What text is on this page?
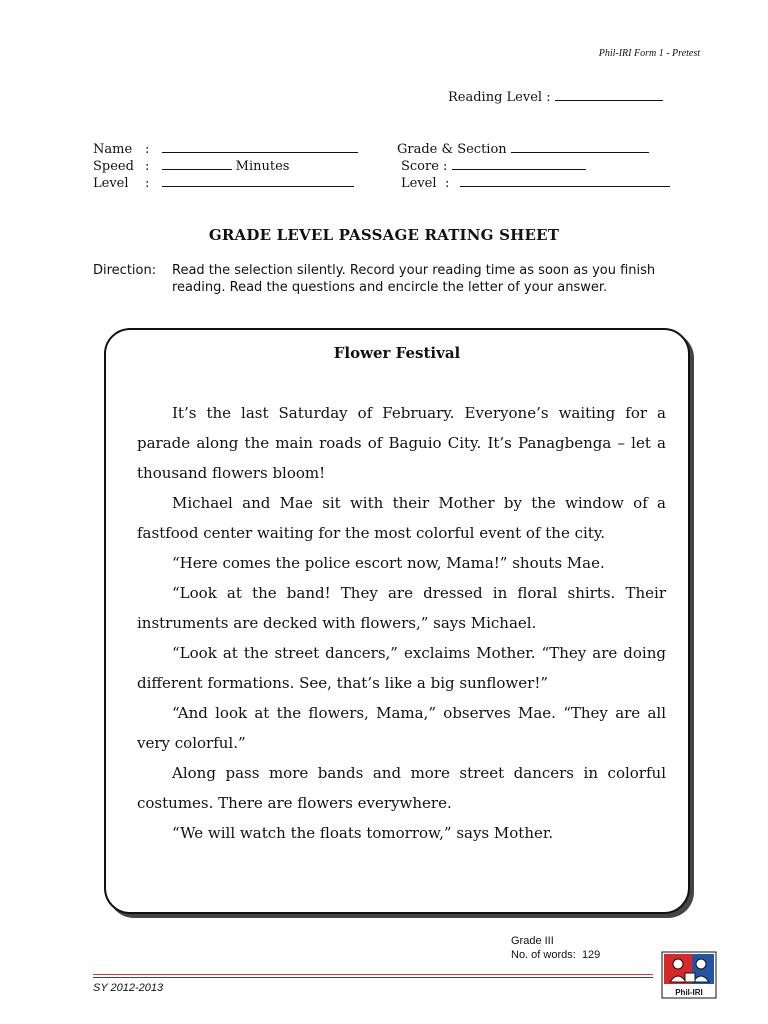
Phil-IRI Form 1 - Pretest
Reading Level :
Name :
Speed :	Minutes
Level :
Grade & Section
Score :
Level :
GRADE LEVEL PASSAGE RATING SHEET
Direction: Read the selection silently. Record your reading time as soon as you finish reading. Read the questions and encircle the letter of your answer.
Flower Festival

It’s the last Saturday of February. Everyone’s waiting for a parade along the main roads of Baguio City. It’s Panagbenga – let a thousand flowers bloom!

Michael and Mae sit with their Mother by the window of a fastfood center waiting for the most colorful event of the city.

“Here comes the police escort now, Mama!” shouts Mae.

“Look at the band! They are dressed in floral shirts. Their instruments are decked with flowers,” says Michael.

“Look at the street dancers,” exclaims Mother. “They are doing different formations. See, that’s like a big sunflower!”

“And look at the flowers, Mama,” observes Mae. “They are all very colorful.”

Along pass more bands and more street dancers in colorful costumes. There are flowers everywhere.

“We will watch the floats tomorrow,” says Mother.

Grade III
No. of words: 129
SY 2012-2013	Phil-IRI
